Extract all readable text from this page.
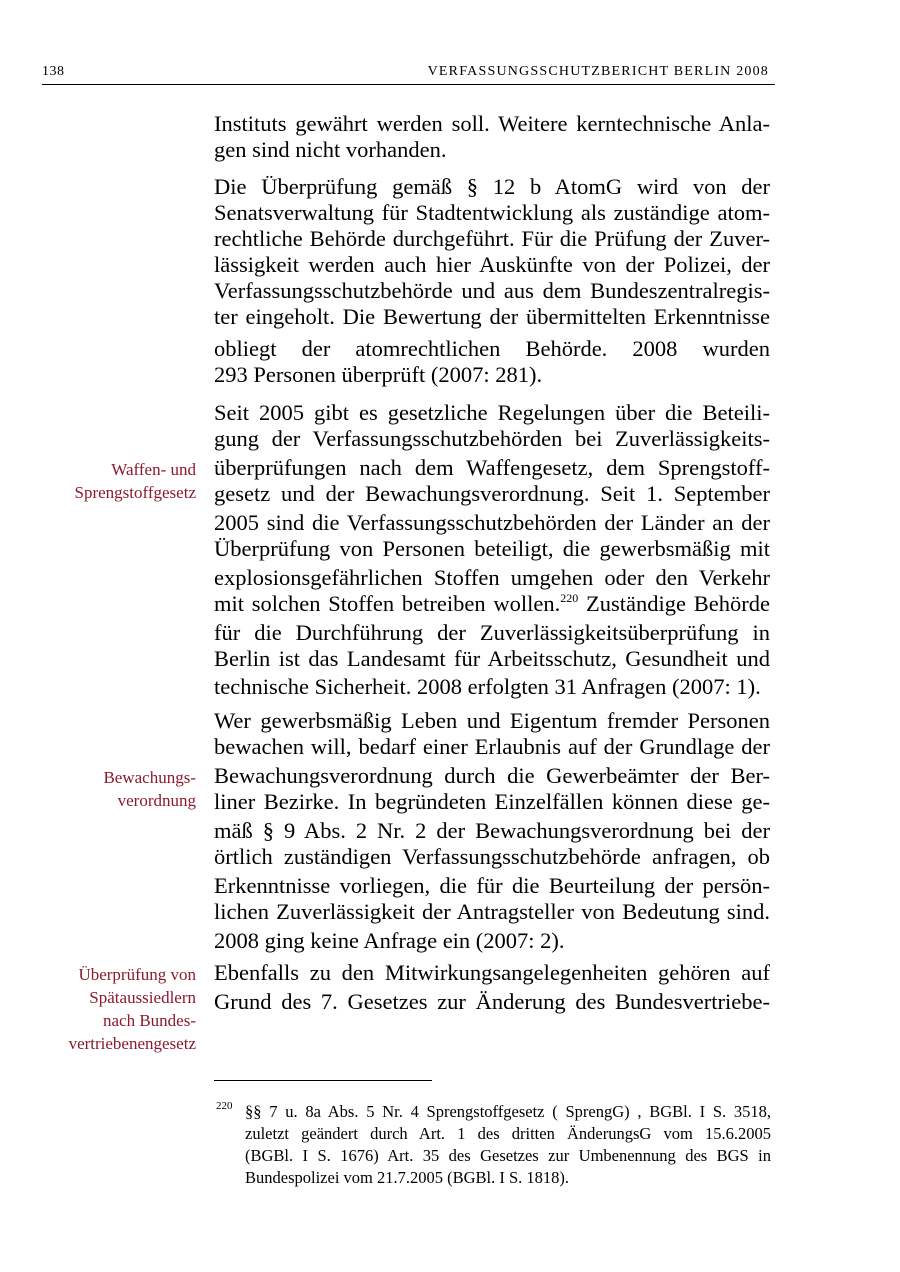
138	VERFASSUNGSSCHUTZBERICHT BERLIN 2008
Instituts gewährt werden soll. Weitere kerntechnische Anla-
gen sind nicht vorhanden.
Die Überprüfung gemäß § 12 b AtomG wird von der
Senatsverwaltung für Stadtentwicklung als zuständige atom-
rechtliche Behörde durchgeführt. Für die Prüfung der Zuver-
lässigkeit werden auch hier Auskünfte von der Polizei, der
Verfassungsschutzbehörde und aus dem Bundeszentralregis-
ter eingeholt. Die Bewertung der übermittelten Erkenntnisse
obliegt der atomrechtlichen Behörde. 2008 wurden
293 Personen überprüft (2007: 281).
Seit 2005 gibt es gesetzliche Regelungen über die Beteili-
gung der Verfassungsschutzbehörden bei Zuverlässigkeits-
überprüfungen nach dem Waffengesetz, dem Sprengstoff-
gesetz und der Bewachungsverordnung. Seit 1. September
2005 sind die Verfassungsschutzbehörden der Länder an der
Überprüfung von Personen beteiligt, die gewerbsmäßig mit
explosionsgefährlichen Stoffen umgehen oder den Verkehr
mit solchen Stoffen betreiben wollen.$^{220}$ Zuständige Behörde
für die Durchführung der Zuverlässigkeitsüberprüfung in
Berlin ist das Landesamt für Arbeitsschutz, Gesundheit und
technische Sicherheit. 2008 erfolgten 31 Anfragen (2007: 1).
Wer gewerbsmäßig Leben und Eigentum fremder Personen
bewachen will, bedarf einer Erlaubnis auf der Grundlage der
Bewachungsverordnung durch die Gewerbeämter der Ber-
liner Bezirke. In begründeten Einzelfällen können diese ge-
mäß § 9 Abs. 2 Nr. 2 der Bewachungsverordnung bei der
örtlich zuständigen Verfassungsschutzbehörde anfragen, ob
Erkenntnisse vorliegen, die für die Beurteilung der persön-
lichen Zuverlässigkeit der Antragsteller von Bedeutung sind.
2008 ging keine Anfrage ein (2007: 2).
Ebenfalls zu den Mitwirkungsangelegenheiten gehören auf
Grund des 7. Gesetzes zur Änderung des Bundesvertriebe-
Waffen- und
Sprengstoffgesetz
Bewachungs-
verordnung
Überprüfung von
Spätaussiedlern
nach Bundes-
vertriebenengesetz
220 §§ 7 u. 8a Abs. 5 Nr. 4 Sprengstoffgesetz ( SprengG) , BGBl. I S. 3518,
zuletzt geändert durch Art. 1 des dritten ÄnderungsG vom 15.6.2005
(BGBl. I S. 1676) Art. 35 des Gesetzes zur Umbenennung des BGS in
Bundespolizei vom 21.7.2005 (BGBl. I S. 1818).
